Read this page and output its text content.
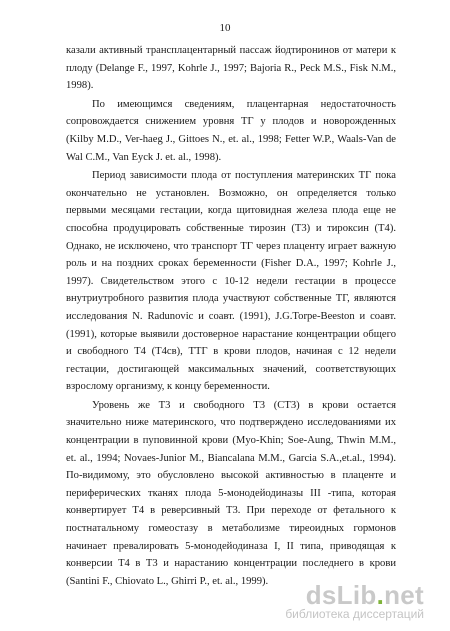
10

казали активный трансплацентарный пассаж йодтиронинов от матери к плоду (Delange F., 1997, Kohrle J., 1997; Bajoria R., Peck M.S., Fisk N.M., 1998).

По имеющимся сведениям, плацентарная недостаточность сопровождается снижением уровня ТГ у плодов и новорожденных (Kilby M.D., Ver-haeg J., Gittoes N., et. al., 1998; Fetter W.P., Waals-Van de Wal C.M., Van Eyck J. et. al., 1998).

Период зависимости плода от поступления материнских ТГ пока окончательно не установлен. Возможно, он определяется только первыми месяцами гестации, когда щитовидная железа плода еще не способна продуцировать собственные тирозин (Т3) и тироксин (Т4). Однако, не исключено, что транспорт ТГ через плаценту играет важную роль и на поздних сроках беременности (Fisher D.A., 1997; Kohrle J., 1997). Свидетельством этого с 10-12 недели гестации в процессе внутриутробного развития плода участвуют собственные ТГ, являются исследования N. Radunovic и соавт. (1991), J.G.Torpe-Beeston и соавт. (1991), которые выявили достоверное нарастание концентрации общего и свободного Т4 (Т4св), ТТГ в крови плодов, начиная с 12 недели гестации, достигающей максимальных значений, соответствующих взрослому организму, к концу беременности.

Уровень же Т3 и свободного Т3 (СТ3) в крови остается значительно ниже материнского, что подтверждено исследованиями их концентрации в пуповинной крови (Myo-Khin; Soe-Aung, Thwin M.M., et. al., 1994; Novaes-Junior M., Biancalana M.M., Garcia S.A.,et.al., 1994). По-видимому, это обусловлено высокой активностью в плаценте и периферических тканях плода 5-монодейодиназы III -типа, которая конвертирует Т4 в реверсивный Т3. При переходе от фетального к постнатальному гомеостазу в метаболизме тиреоидных гормонов начинает превалировать 5-монодейодиназа I, II типа, приводящая к конверсии Т4 в Т3 и нарастанию концентрации последнего в крови (Santini F., Chiovato L., Ghirri P., et. al., 1999).	dsLib.net
библиотека диссертаций
